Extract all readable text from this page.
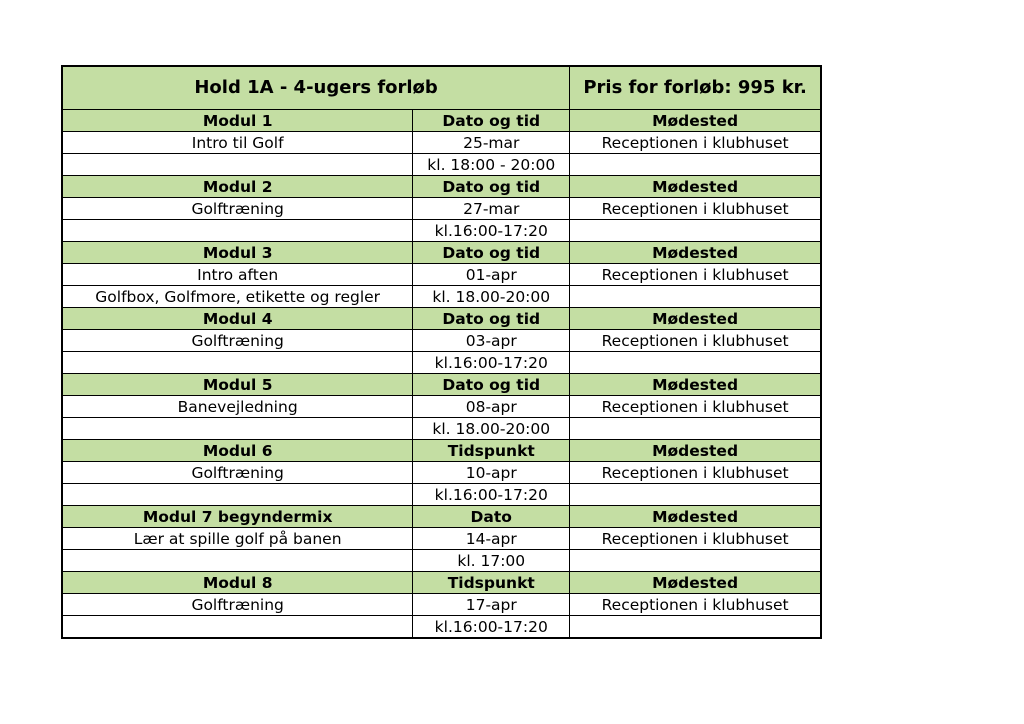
Hold 1A - 4-ugers forløb		Pris for forløb: 995 kr.
Modul 1	Dato og tid	Mødested
Intro til Golf	25-mar	Receptionen i klubhuset
	kl. 18:00 - 20:00	
Modul 2	Dato og tid	Mødested
Golftræning	27-mar	Receptionen i klubhuset
	kl.16:00-17:20	
Modul 3	Dato og tid	Mødested
Intro aften	01-apr	Receptionen i klubhuset
Golfbox, Golfmore, etikette og regler	kl. 18.00-20:00	
Modul 4	Dato og tid	Mødested
Golftræning	03-apr	Receptionen i klubhuset
	kl.16:00-17:20	
Modul 5	Dato og tid	Mødested
Banevejledning	08-apr	Receptionen i klubhuset
	kl. 18.00-20:00	
Modul 6	Tidspunkt	Mødested
Golftræning	10-apr	Receptionen i klubhuset
	kl.16:00-17:20	
Modul 7 begyndermix	Dato	Mødested
Lær at spille golf på banen	14-apr	Receptionen i klubhuset
	kl. 17:00	
Modul 8	Tidspunkt	Mødested
Golftræning	17-apr	Receptionen i klubhuset
	kl.16:00-17:20	
